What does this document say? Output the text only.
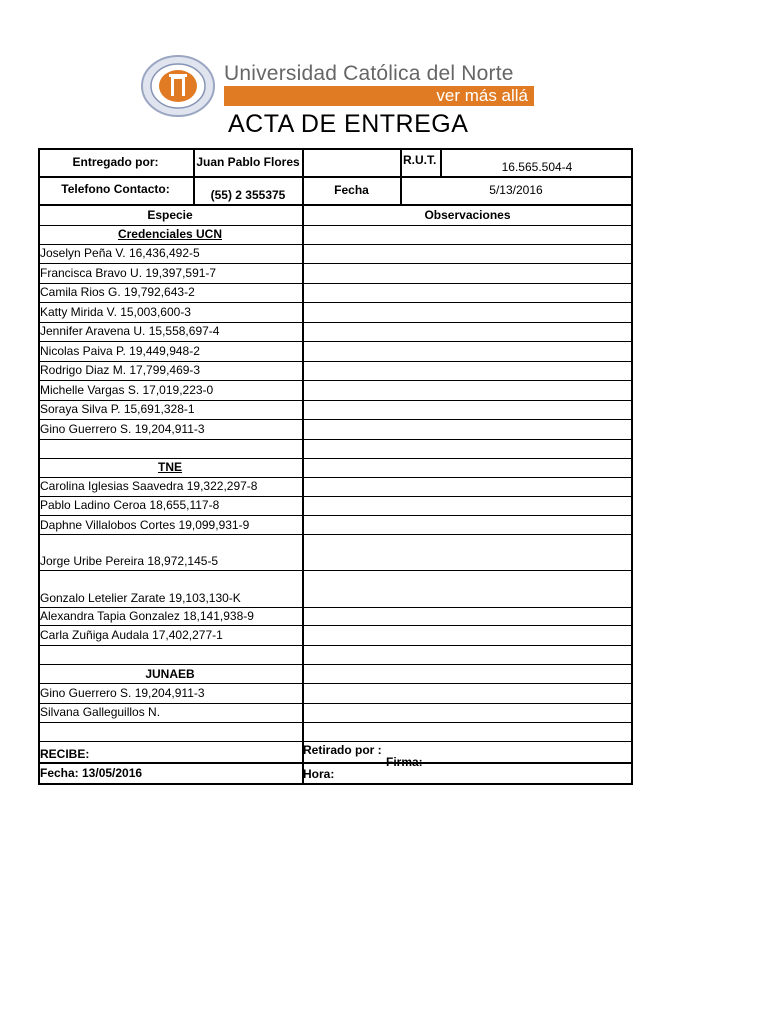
Universidad Católica del Norte
ver más allá
ACTA DE ENTREGA
Entregado por:	Juan Pablo Flores	R.U.T.	16.565.504-4
Telefono Contacto:	(55) 2 355375	Fecha	5/13/2016
Especie	Observaciones
Credenciales UCN
Joselyn Peña V. 16,436,492-5
Francisca Bravo U. 19,397,591-7
Camila Rios G. 19,792,643-2
Katty Mirida V. 15,003,600-3
Jennifer Aravena U. 15,558,697-4
Nicolas Paiva P. 19,449,948-2
Rodrigo Diaz M. 17,799,469-3
Michelle Vargas S. 17,019,223-0
Soraya Silva P. 15,691,328-1
Gino Guerrero S. 19,204,911-3
TNE
Carolina Iglesias Saavedra 19,322,297-8
Pablo Ladino Ceroa 18,655,117-8
Daphne Villalobos Cortes 19,099,931-9
Jorge Uribe Pereira 18,972,145-5
Gonzalo Letelier Zarate 19,103,130-K
Alexandra Tapia Gonzalez 18,141,938-9
Carla Zuñiga Audala 17,402,277-1
JUNAEB
Gino Guerrero S. 19,204,911-3
Silvana Galleguillos N.
RECIBE:	Retirado por :
Firma:
Fecha: 13/05/2016	Hora:
